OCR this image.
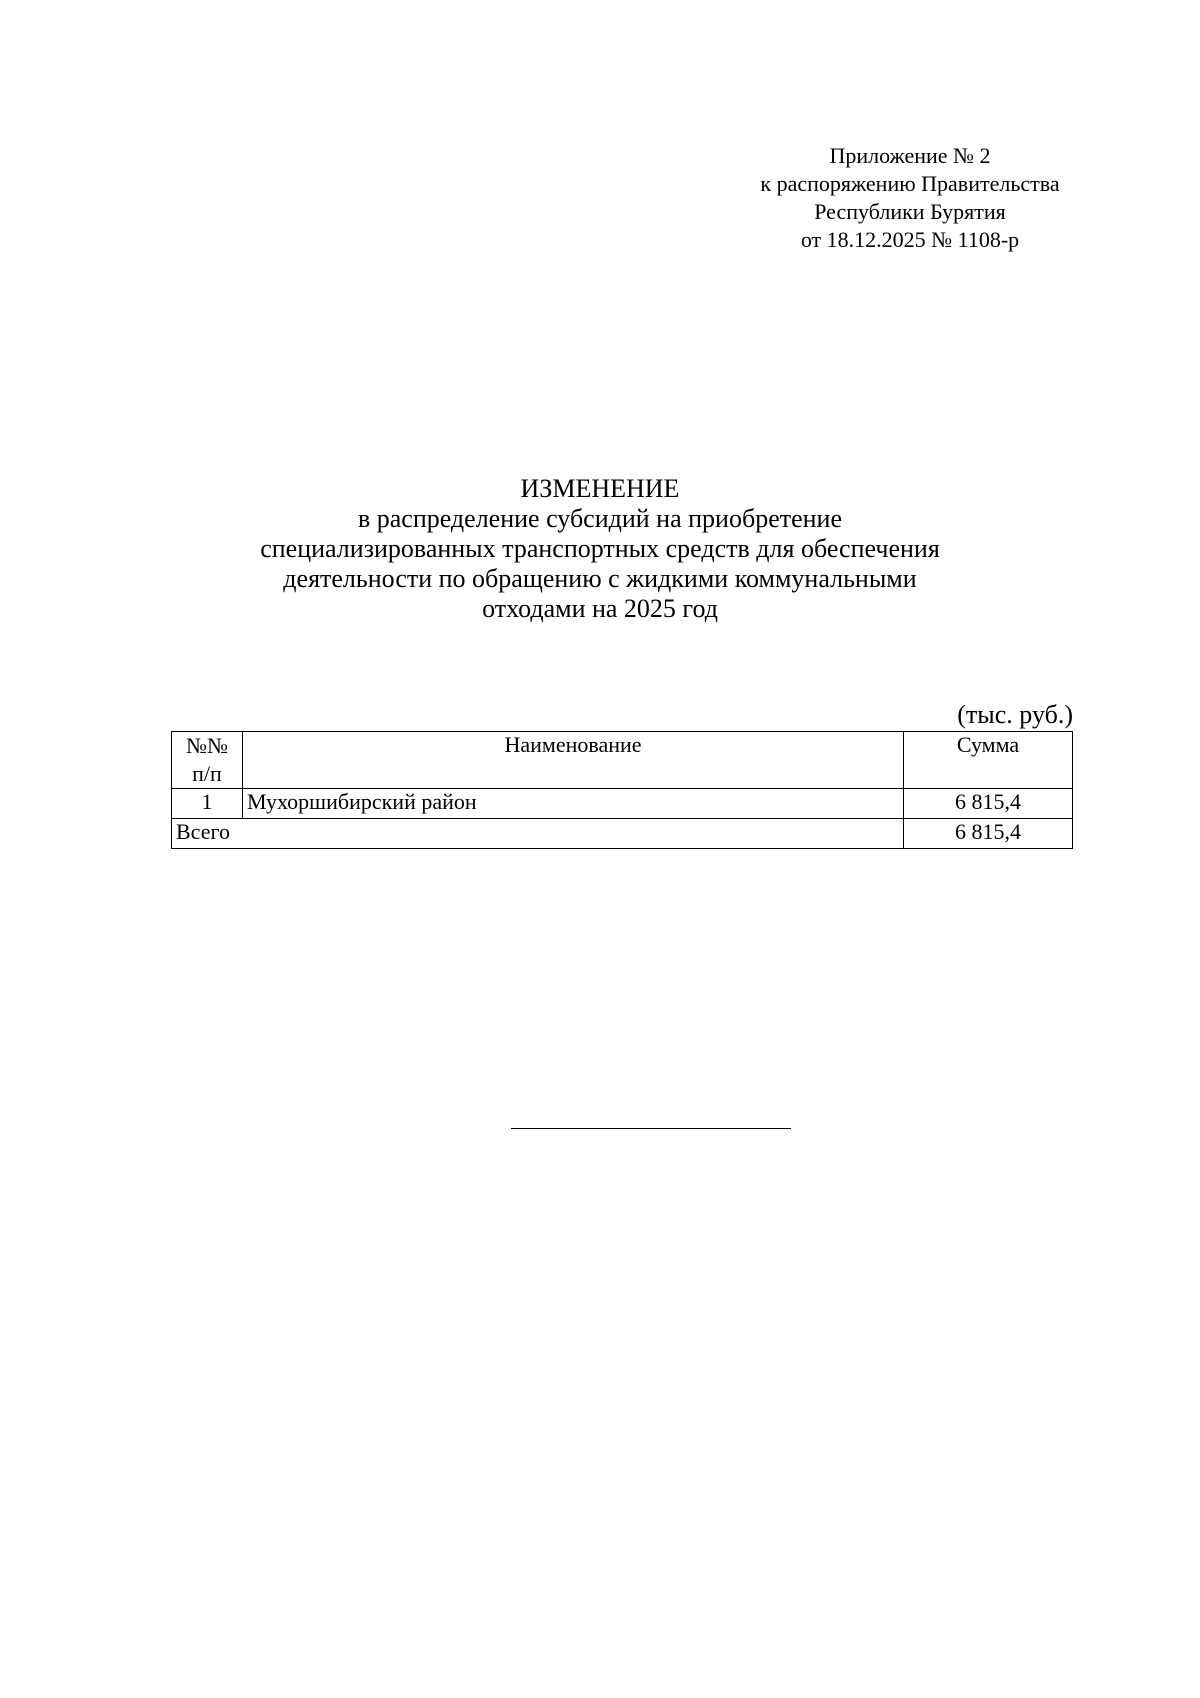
Приложение № 2
к распоряжению Правительства
Республики Бурятия
от 18.12.2025 № 1108-р
ИЗМЕНЕНИЕ
в распределение субсидий на приобретение
специализированных транспортных средств для обеспечения
деятельности по обращению с жидкими коммунальными
отходами на 2025 год
(тыс. руб.)
№№
п/п	Наименование	Сумма
1	Мухоршибирский район	6 815,4
Всего		6 815,4
